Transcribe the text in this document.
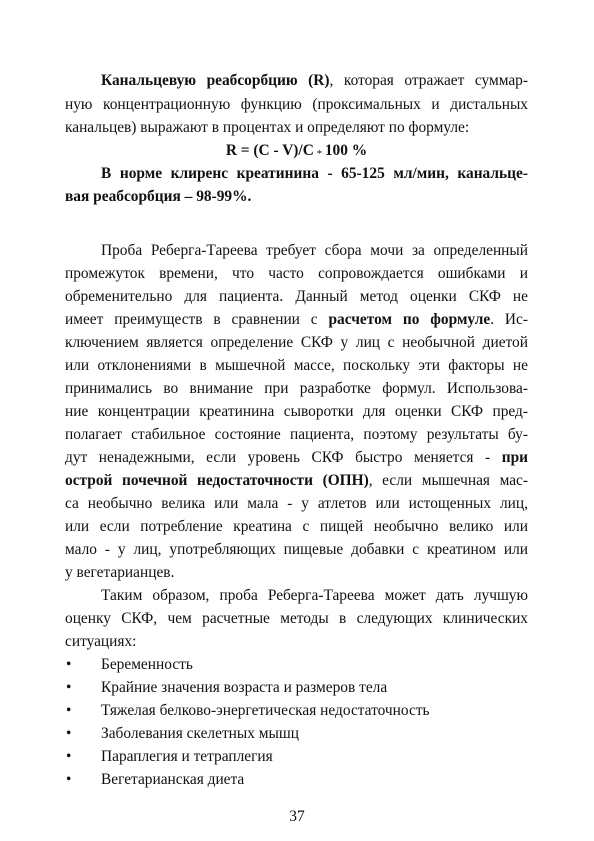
Канальцевую реабсорбцию (R), которая отражает суммар-
ную концентрационную функцию (проксимальных и дистальных
канальцев) выражают в процентах и определяют по формуле:
R = (C - V)/C * 100 %
В норме клиренс креатинина - 65-125 мл/мин, канальце-
вая реабсорбция – 98-99%.
Проба Реберга-Тареева требует сбора мочи за определенный
промежуток времени, что часто сопровождается ошибками и
обременительно для пациента. Данный метод оценки СКФ не
имеет преимуществ в сравнении с расчетом по формуле. Ис-
ключением является определение СКФ у лиц с необычной диетой
или отклонениями в мышечной массе, поскольку эти факторы не
принимались во внимание при разработке формул. Использова-
ние концентрации креатинина сыворотки для оценки СКФ пред-
полагает стабильное состояние пациента, поэтому результаты бу-
дут ненадежными, если уровень СКФ быстро меняется - при
острой почечной недостаточности (ОПН), если мышечная мас-
са необычно велика или мала - у атлетов или истощенных лиц,
или если потребление креатина с пищей необычно велико или
мало - у лиц, употребляющих пищевые добавки с креатином или
у вегетарианцев.
Таким образом, проба Реберга-Тареева может дать лучшую
оценку СКФ, чем расчетные методы в следующих клинических
ситуациях:
• Беременность
• Крайние значения возраста и размеров тела
• Тяжелая белково-энергетическая недостаточность
• Заболевания скелетных мышц
• Параплегия и тетраплегия
• Вегетарианская диета
37
